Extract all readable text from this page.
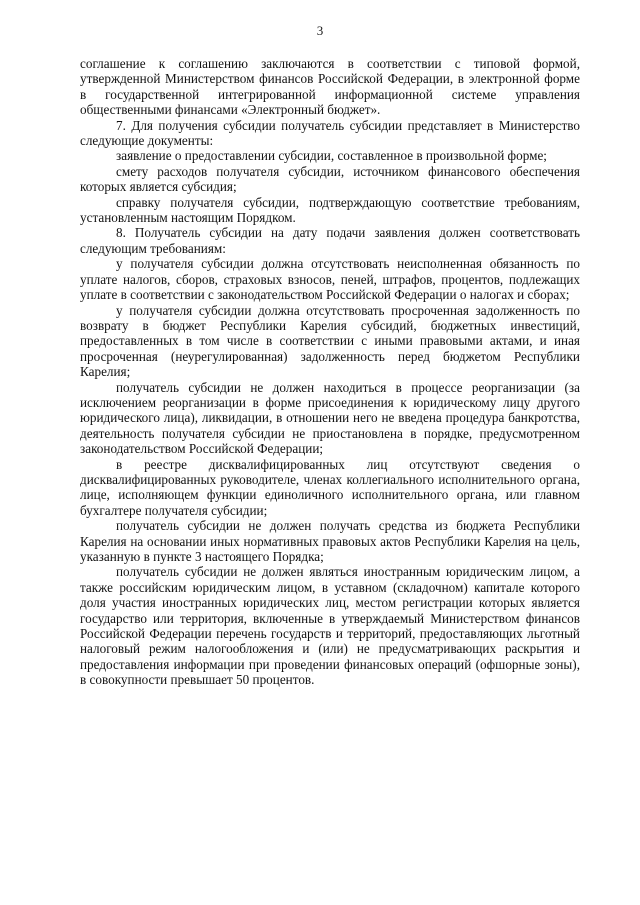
3

соглашение к соглашению заключаются в соответствии с типовой формой, утвержденной Министерством финансов Российской Федерации, в электронной форме в государственной интегрированной информационной системе управления общественными финансами «Электронный бюджет».

7. Для получения субсидии получатель субсидии представляет в Министерство следующие документы:

заявление о предоставлении субсидии, составленное в произвольной форме;

смету расходов получателя субсидии, источником финансового обеспечения которых является субсидия;

справку получателя субсидии, подтверждающую соответствие требованиям, установленным настоящим Порядком.

8. Получатель субсидии на дату подачи заявления должен соответствовать следующим требованиям:

у получателя субсидии должна отсутствовать неисполненная обязанность по уплате налогов, сборов, страховых взносов, пеней, штрафов, процентов, подлежащих уплате в соответствии с законодательством Российской Федерации о налогах и сборах;

у получателя субсидии должна отсутствовать просроченная задолженность по возврату в бюджет Республики Карелия субсидий, бюджетных инвестиций, предоставленных в том числе в соответствии с иными правовыми актами, и иная просроченная (неурегулированная) задолженность перед бюджетом Республики Карелия;

получатель субсидии не должен находиться в процессе реорганизации (за исключением реорганизации в форме присоединения к юридическому лицу другого юридического лица), ликвидации, в отношении него не введена процедура банкротства, деятельность получателя субсидии не приостановлена в порядке, предусмотренном законодательством Российской Федерации;

в реестре дисквалифицированных лиц отсутствуют сведения о дисквалифицированных руководителе, членах коллегиального исполнительного органа, лице, исполняющем функции единоличного исполнительного органа, или главном бухгалтере получателя субсидии;

получатель субсидии не должен получать средства из бюджета Республики Карелия на основании иных нормативных правовых актов Республики Карелия на цель, указанную в пункте 3 настоящего Порядка;

получатель субсидии не должен являться иностранным юридическим лицом, а также российским юридическим лицом, в уставном (складочном) капитале которого доля участия иностранных юридических лиц, местом регистрации которых является государство или территория, включенные в утверждаемый Министерством финансов Российской Федерации перечень государств и территорий, предоставляющих льготный налоговый режим налогообложения и (или) не предусматривающих раскрытия и предоставления информации при проведении финансовых операций (офшорные зоны), в совокупности превышает 50 процентов.
